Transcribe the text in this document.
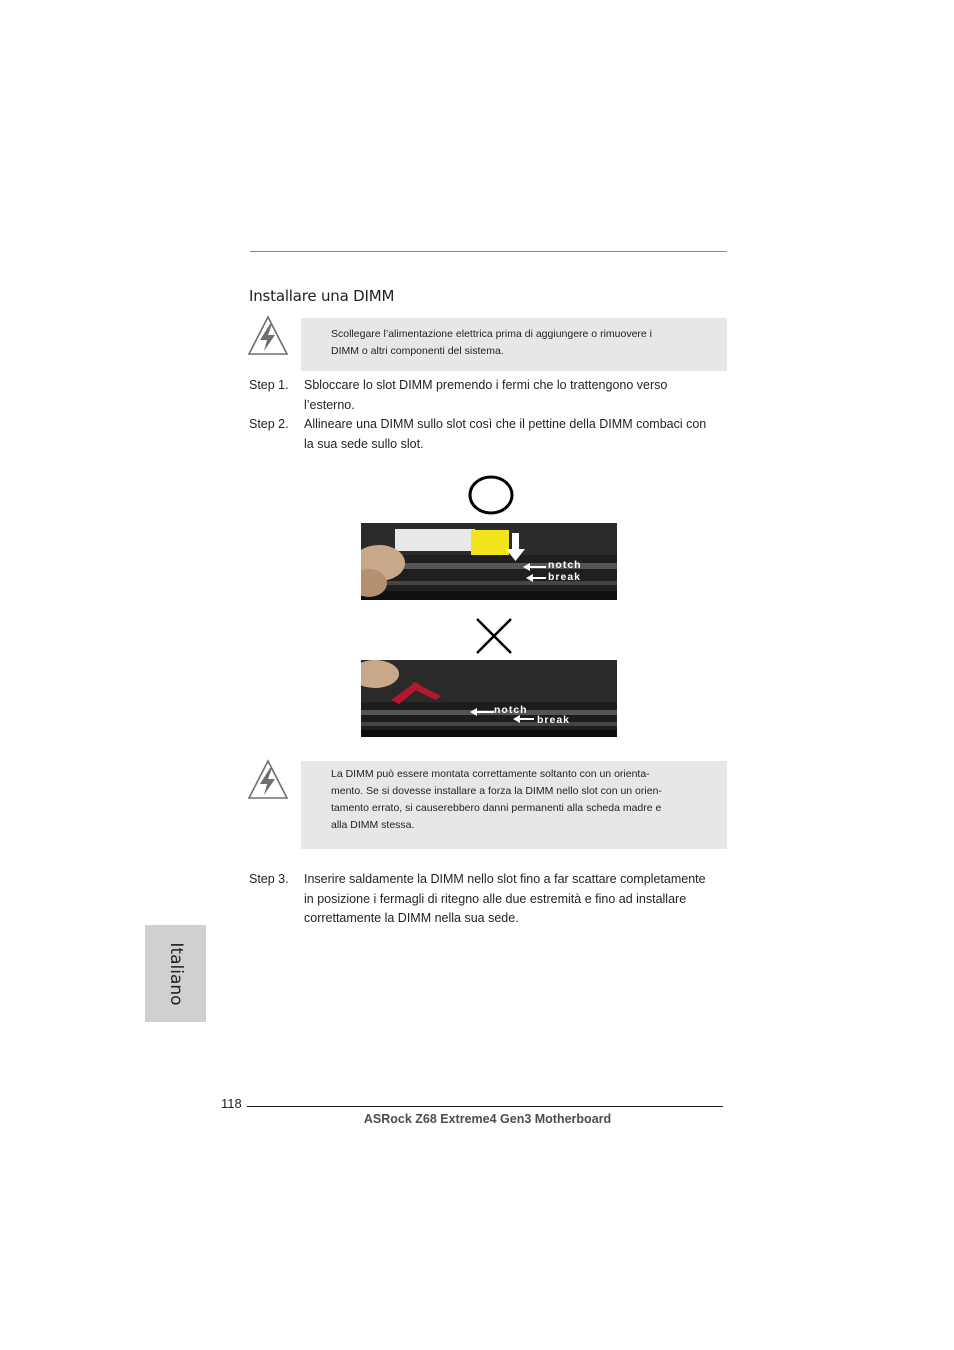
Installare una DIMM
Scollegare l’alimentazione elettrica prima di aggiungere o rimuovere i
DIMM o altri componenti del sistema.
Step 1. Sbloccare lo slot DIMM premendo i fermi che lo trattengono verso
l’esterno.
Step 2. Allineare una DIMM sullo slot così che il pettine della DIMM combaci con
la sua sede sullo slot.
notch
break
notch
break
La DIMM può essere montata correttamente soltanto con un orienta-
mento. Se si dovesse installare a forza la DIMM nello slot con un orien-
tamento errato, si causerebbero danni permanenti alla scheda madre e
alla DIMM stessa.
Step 3. Inserire saldamente la DIMM nello slot fino a far scattare completamente
in posizione i fermagli di ritegno alle due estremità e fino ad installare
correttamente la DIMM nella sua sede.
Italiano
118
ASRock Z68 Extreme4 Gen3 Motherboard
